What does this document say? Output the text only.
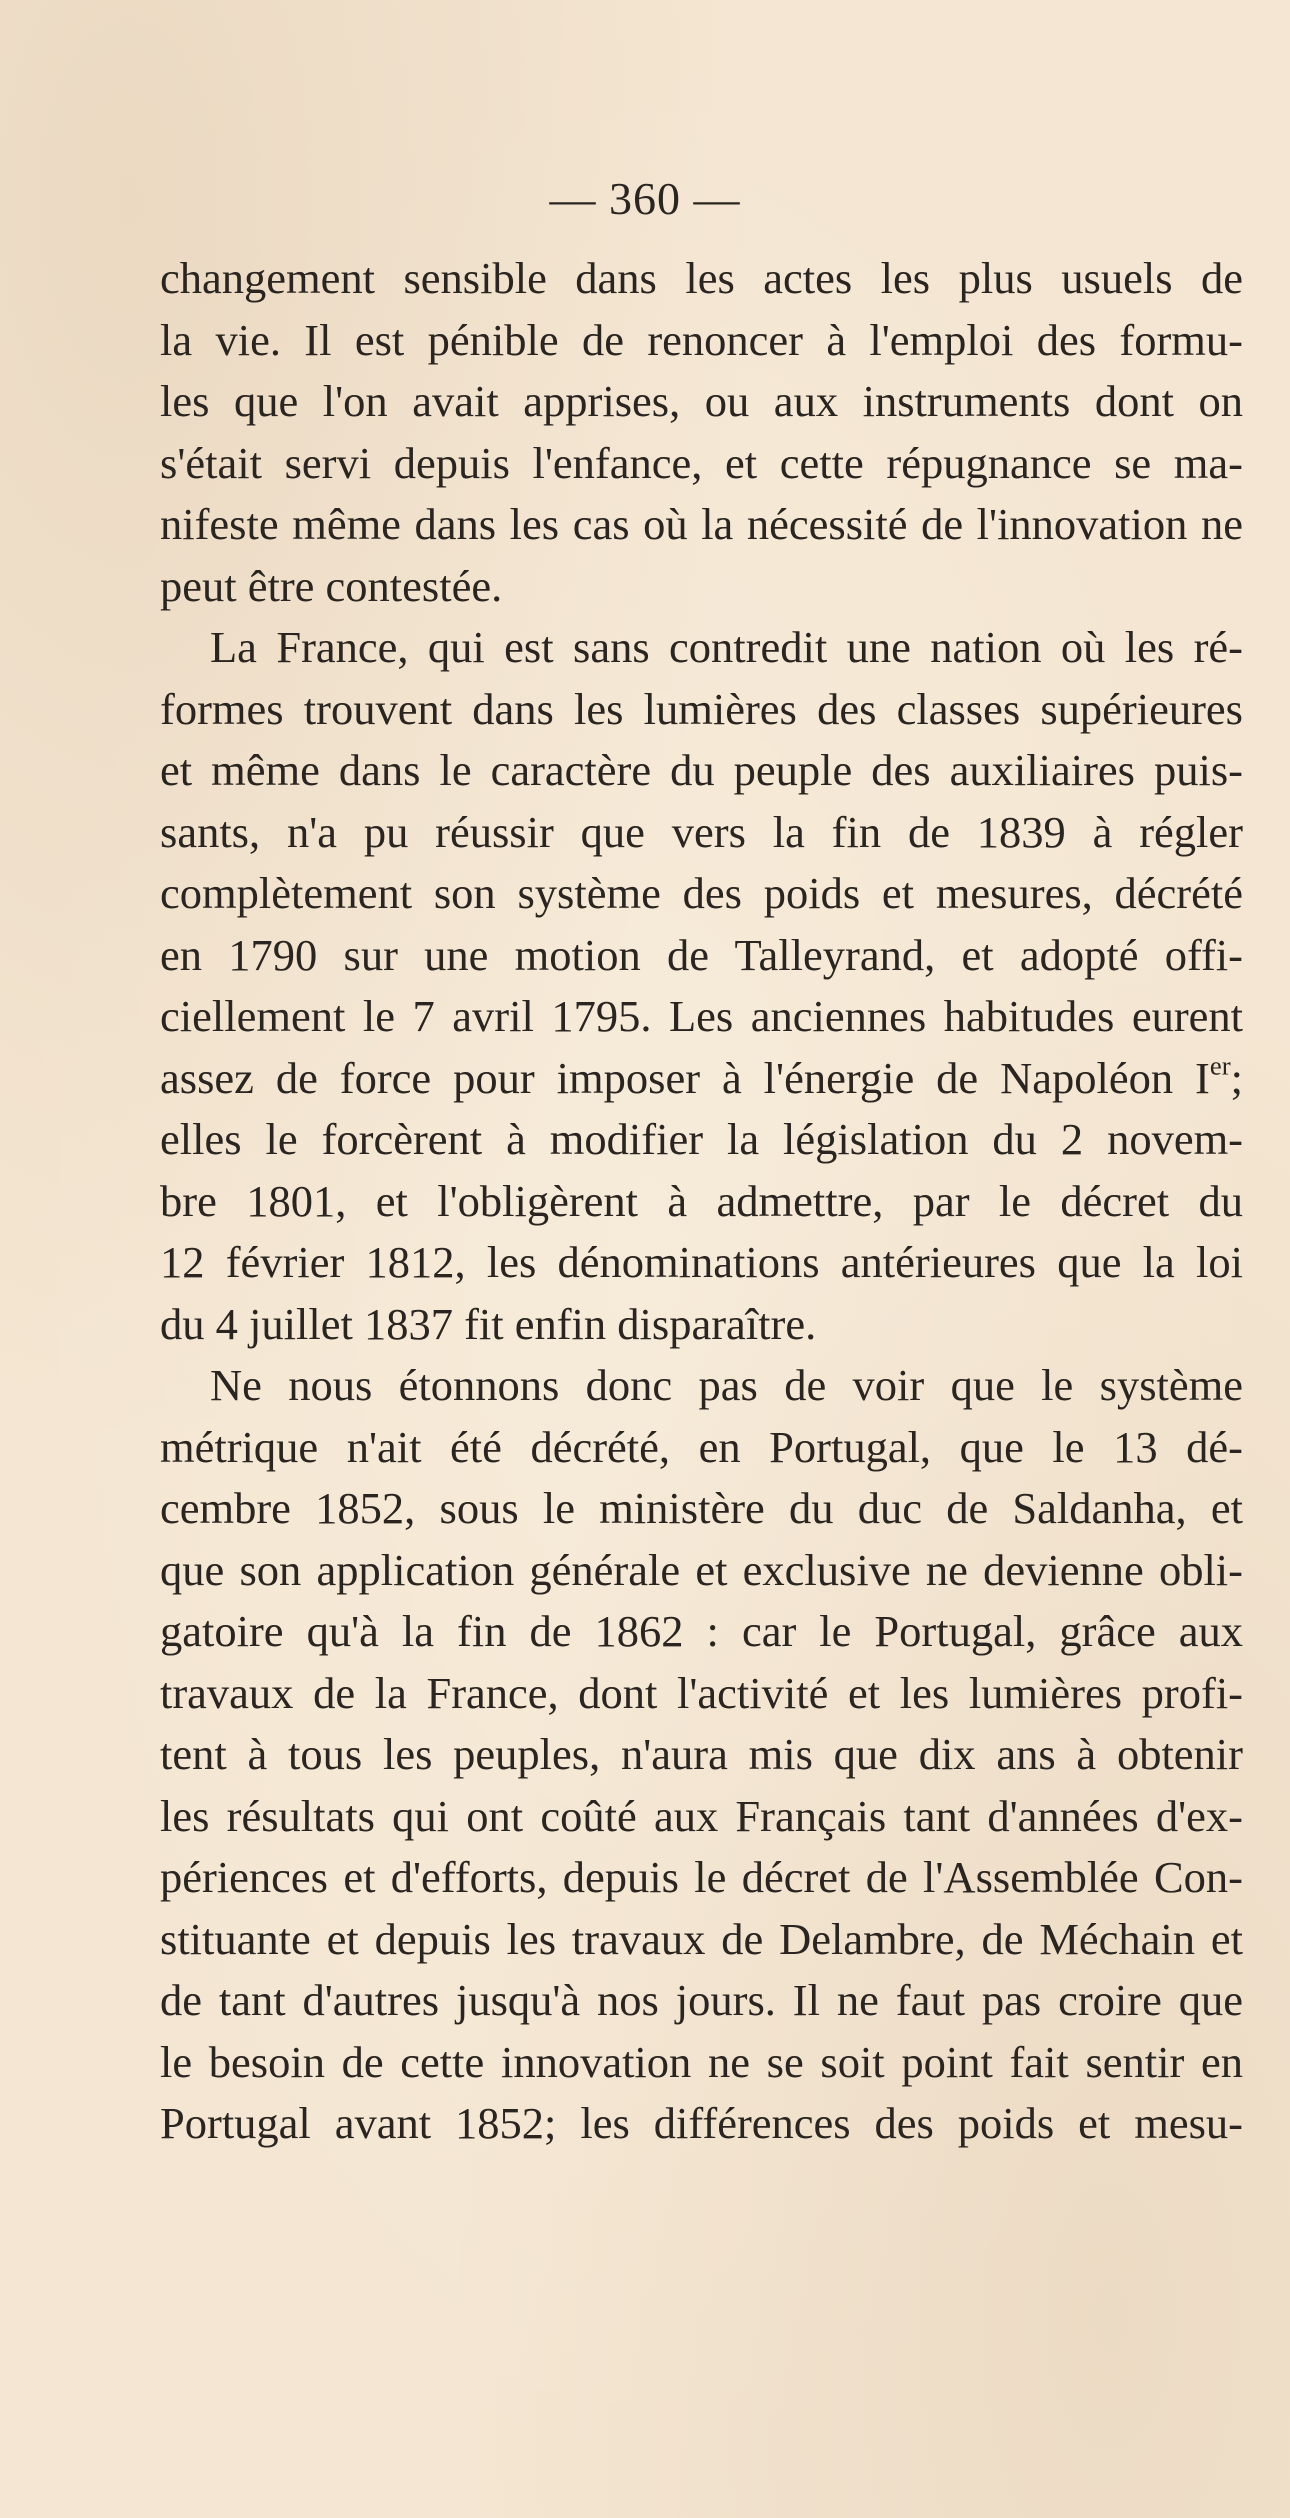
— 360 —
changement sensible dans les actes les plus usuels de
la vie. Il est pénible de renoncer à l'emploi des formu-
les que l'on avait apprises, ou aux instruments dont on
s'était servi depuis l'enfance, et cette répugnance se ma-
nifeste même dans les cas où la nécessité de l'innovation ne
peut être contestée.
La France, qui est sans contredit une nation où les ré-
formes trouvent dans les lumières des classes supérieures
et même dans le caractère du peuple des auxiliaires puis-
sants, n'a pu réussir que vers la fin de 1839 à régler
complètement son système des poids et mesures, décrété
en 1790 sur une motion de Talleyrand, et adopté offi-
ciellement le 7 avril 1795. Les anciennes habitudes eurent
assez de force pour imposer à l'énergie de Napoléon Ier;
elles le forcèrent à modifier la législation du 2 novem-
bre 1801, et l'obligèrent à admettre, par le décret du
12 février 1812, les dénominations antérieures que la loi
du 4 juillet 1837 fit enfin disparaître.
Ne nous étonnons donc pas de voir que le système
métrique n'ait été décrété, en Portugal, que le 13 dé-
cembre 1852, sous le ministère du duc de Saldanha, et
que son application générale et exclusive ne devienne obli-
gatoire qu'à la fin de 1862 : car le Portugal, grâce aux
travaux de la France, dont l'activité et les lumières profi-
tent à tous les peuples, n'aura mis que dix ans à obtenir
les résultats qui ont coûté aux Français tant d'années d'ex-
périences et d'efforts, depuis le décret de l'Assemblée Con-
stituante et depuis les travaux de Delambre, de Méchain et
de tant d'autres jusqu'à nos jours. Il ne faut pas croire que
le besoin de cette innovation ne se soit point fait sentir en
Portugal avant 1852; les différences des poids et mesu-
